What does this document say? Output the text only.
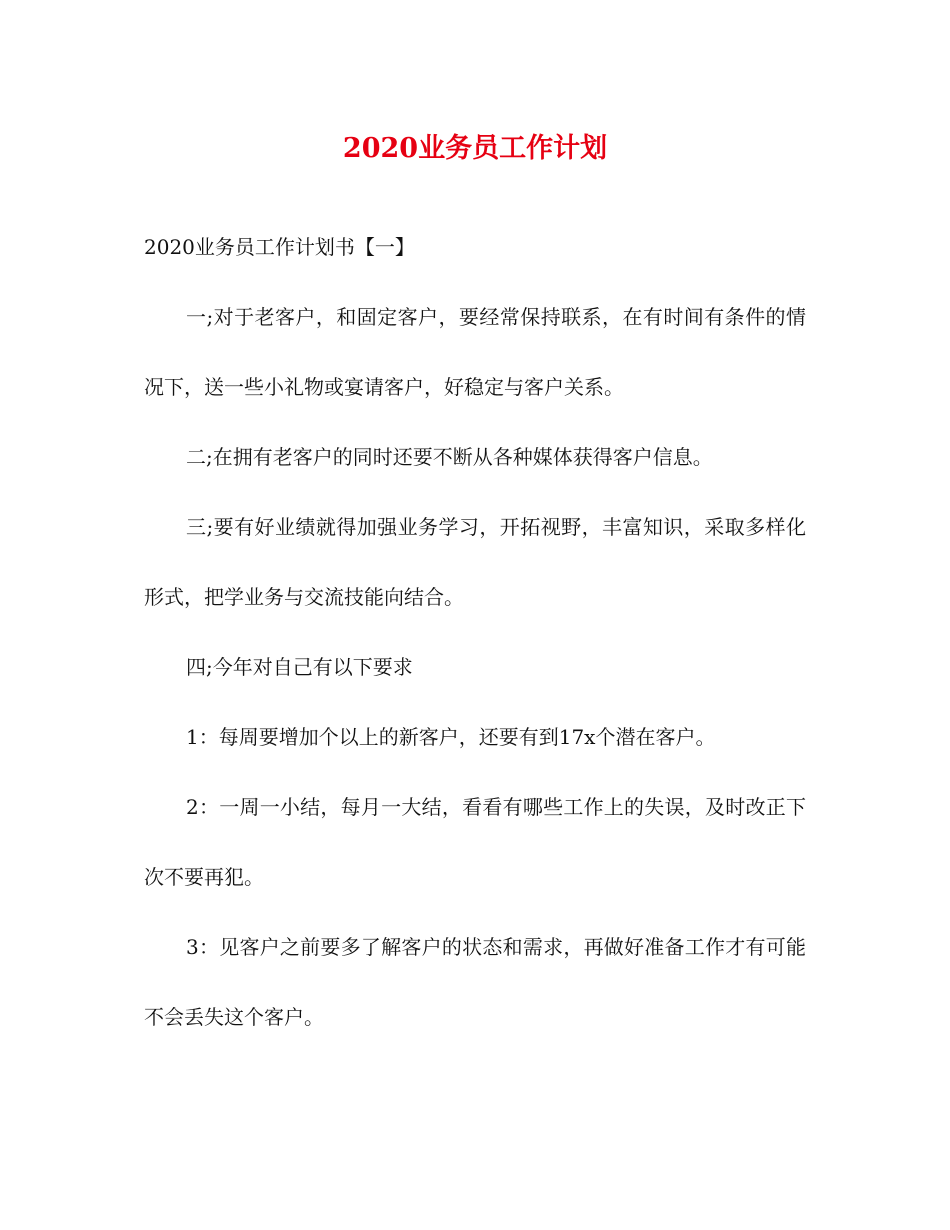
2020业务员工作计划

2020业务员工作计划书【一】

一;对于老客户，和固定客户，要经常保持联系，在有时间有条件的情况下，送一些小礼物或宴请客户，好稳定与客户关系。

二;在拥有老客户的同时还要不断从各种媒体获得客户信息。

三;要有好业绩就得加强业务学习，开拓视野，丰富知识，采取多样化形式，把学业务与交流技能向结合。

四;今年对自己有以下要求

1：每周要增加个以上的新客户，还要有到17x个潜在客户。

2：一周一小结，每月一大结，看看有哪些工作上的失误，及时改正下次不要再犯。

3：见客户之前要多了解客户的状态和需求，再做好准备工作才有可能不会丢失这个客户。
